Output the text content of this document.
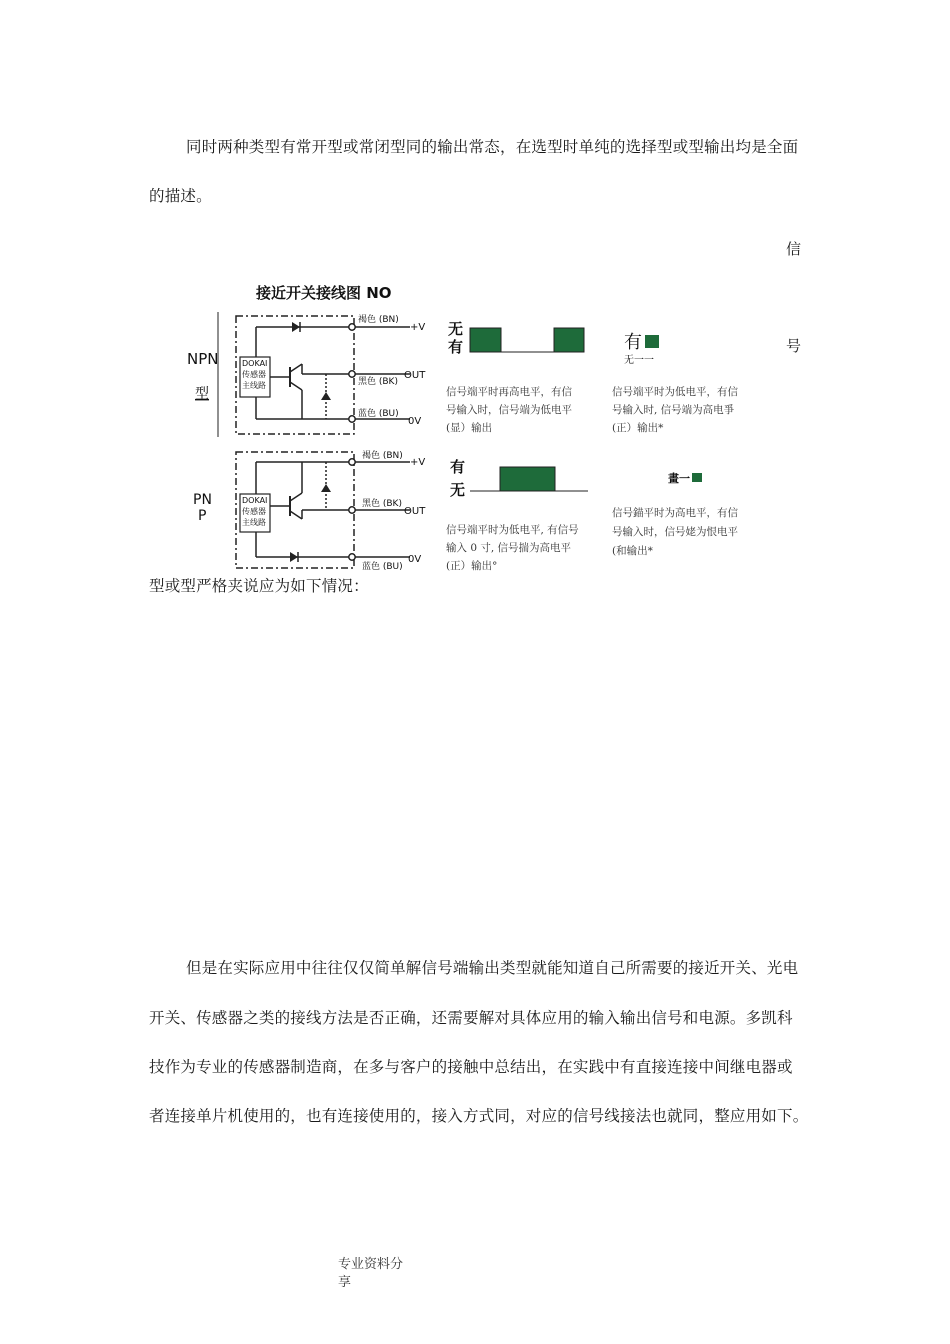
同时两种类型有常开型或常闭型同的输出常态，在选型时单纯的选择型或型输出均是全面
的描述。
信
号
接近开关接线图 NO
NPN
型
DOKAI
传感器
主线路
褐色 (BN)
黑色 (BK)
蓝色 (BU)
+V
OUT
0V
无
有
信号端平时再高电平，有信
号输入时，信号端为低电平
(显）输出
有
无一一
信号端平时为低电平，有信
号输入时, 信号端为高电爭
(正）输出*
PN
P
DOKAI
传感器
主线路
褐色 (BN)
黑色 (BK)
蓝色 (BU)
+V
OUT
0V
有
无
信号端平时为低电平, 有信号
输入 0 寸, 信号揣为高电平
(正）输出°
畫一
信号錨平时为高电平，有信
号输入时，信号姥为恨电平
(和输出*
型或型严格夹说应为如下情况：
但是在实际应用中往往仅仅简单解信号端输出类型就能知道自己所需要的接近开关、光电
开关、传感器之类的接线方法是否正确，还需要解对具体应用的输入输出信号和电源。多凯科
技作为专业的传感器制造商，在多与客户的接触中总结出，在实践中有直接连接中间继电器或
者连接单片机使用的，也有连接使用的，接入方式同，对应的信号线接法也就同，整应用如下。
专业资料分
享
